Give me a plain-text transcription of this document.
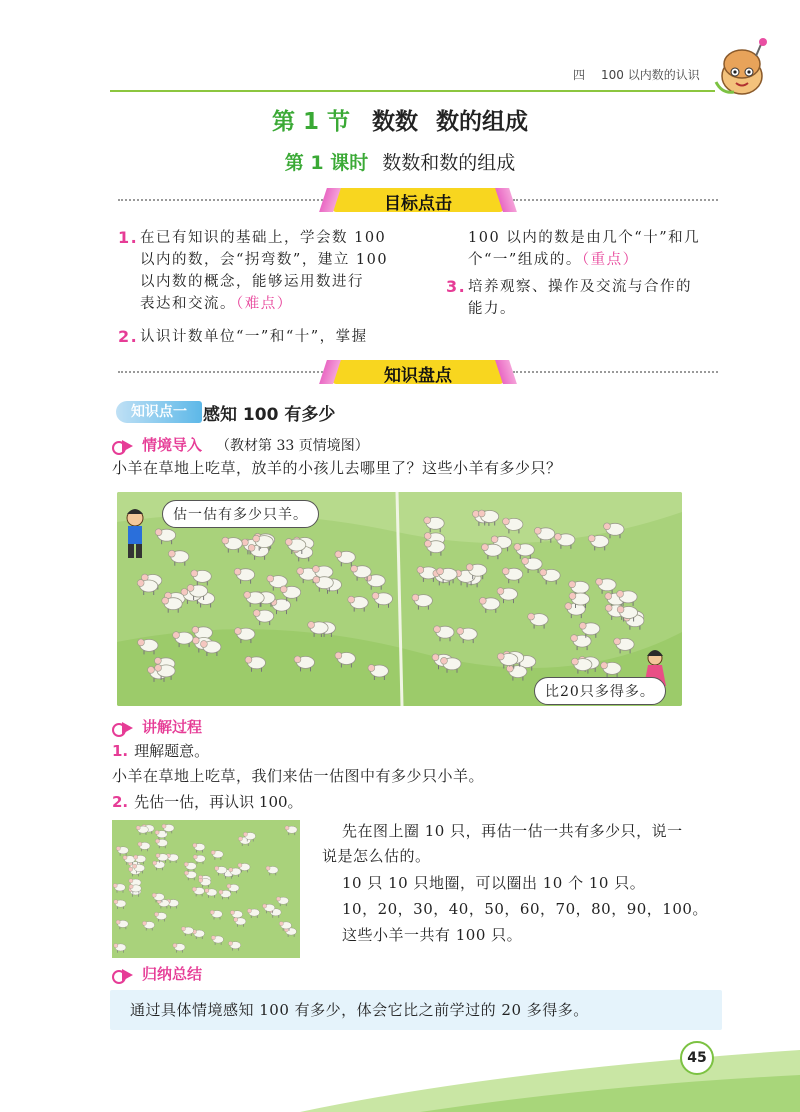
四 100 以内数的认识
第 1 节 数数 数的组成
第 1 课时 数数和数的组成
目标点击
1. 在已有知识的基础上，学会数 100
以内的数，会“拐弯数”，建立 100
以内数的概念，能够运用数进行
表达和交流。（难点）
2. 认识计数单位“一”和“十”，掌握
100 以内的数是由几个“十”和几
个“一”组成的。（重点）
3. 培养观察、操作及交流与合作的
能力。
知识盘点
知识点一 感知 100 有多少
情境导入 （教材第 33 页情境图）
小羊在草地上吃草，放羊的小孩儿去哪里了？这些小羊有多少只？
估一估有多少只羊。
比20只多得多。
讲解过程
1. 理解题意。
小羊在草地上吃草，我们来估一估图中有多少只小羊。
2. 先估一估，再认识 100。
先在图上圈 10 只，再估一估一共有多少只，说一
说是怎么估的。
10 只 10 只地圈，可以圈出 10 个 10 只。
10，20，30，40，50，60，70，80，90，100。
这些小羊一共有 100 只。
归纳总结
通过具体情境感知 100 有多少，体会它比之前学过的 20 多得多。
45
